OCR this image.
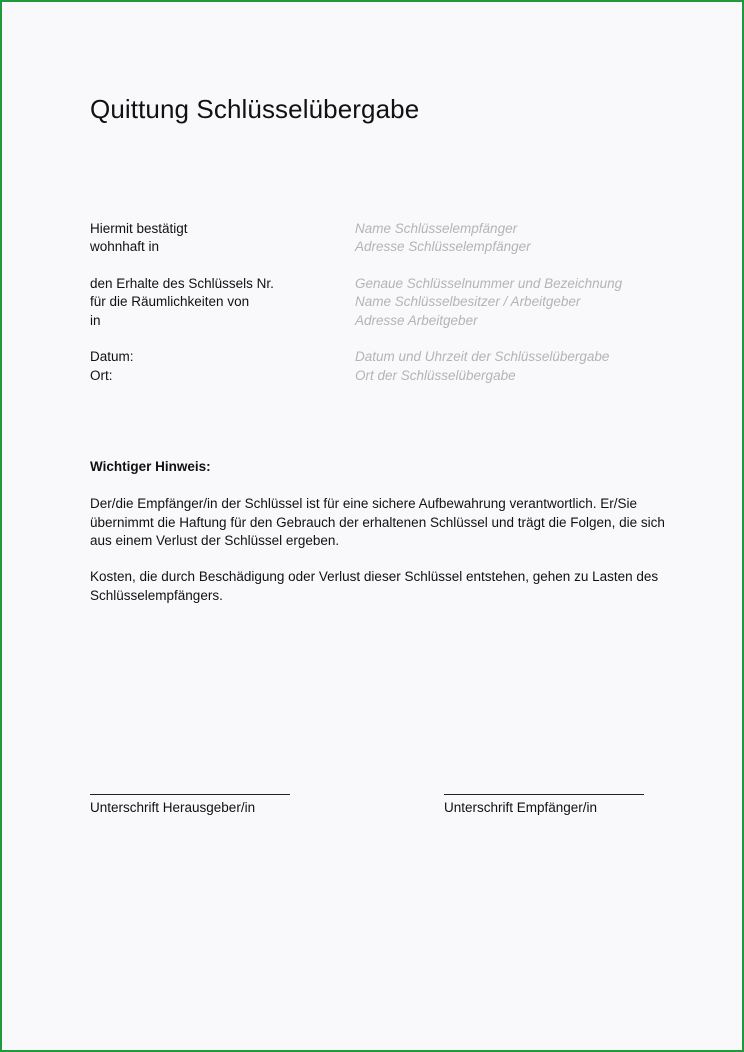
Quittung Schlüsselübergabe
Hiermit bestätigt	Name Schlüsselempfänger
wohnhaft in	Adresse Schlüsselempfänger
den Erhalte des Schlüssels Nr.	Genaue Schlüsselnummer und Bezeichnung
für die Räumlichkeiten von	Name Schlüsselbesitzer / Arbeitgeber
in	Adresse Arbeitgeber
Datum:	Datum und Uhrzeit der Schlüsselübergabe
Ort:	Ort der Schlüsselübergabe

Wichtiger Hinweis:

Der/die Empfänger/in der Schlüssel ist für eine sichere Aufbewahrung verantwortlich. Er/Sie übernimmt die Haftung für den Gebrauch der erhaltenen Schlüssel und trägt die Folgen, die sich aus einem Verlust der Schlüssel ergeben.

Kosten, die durch Beschädigung oder Verlust dieser Schlüssel entstehen, gehen zu Lasten des Schlüsselempfängers.

Unterschrift Herausgeber/in	Unterschrift Empfänger/in
